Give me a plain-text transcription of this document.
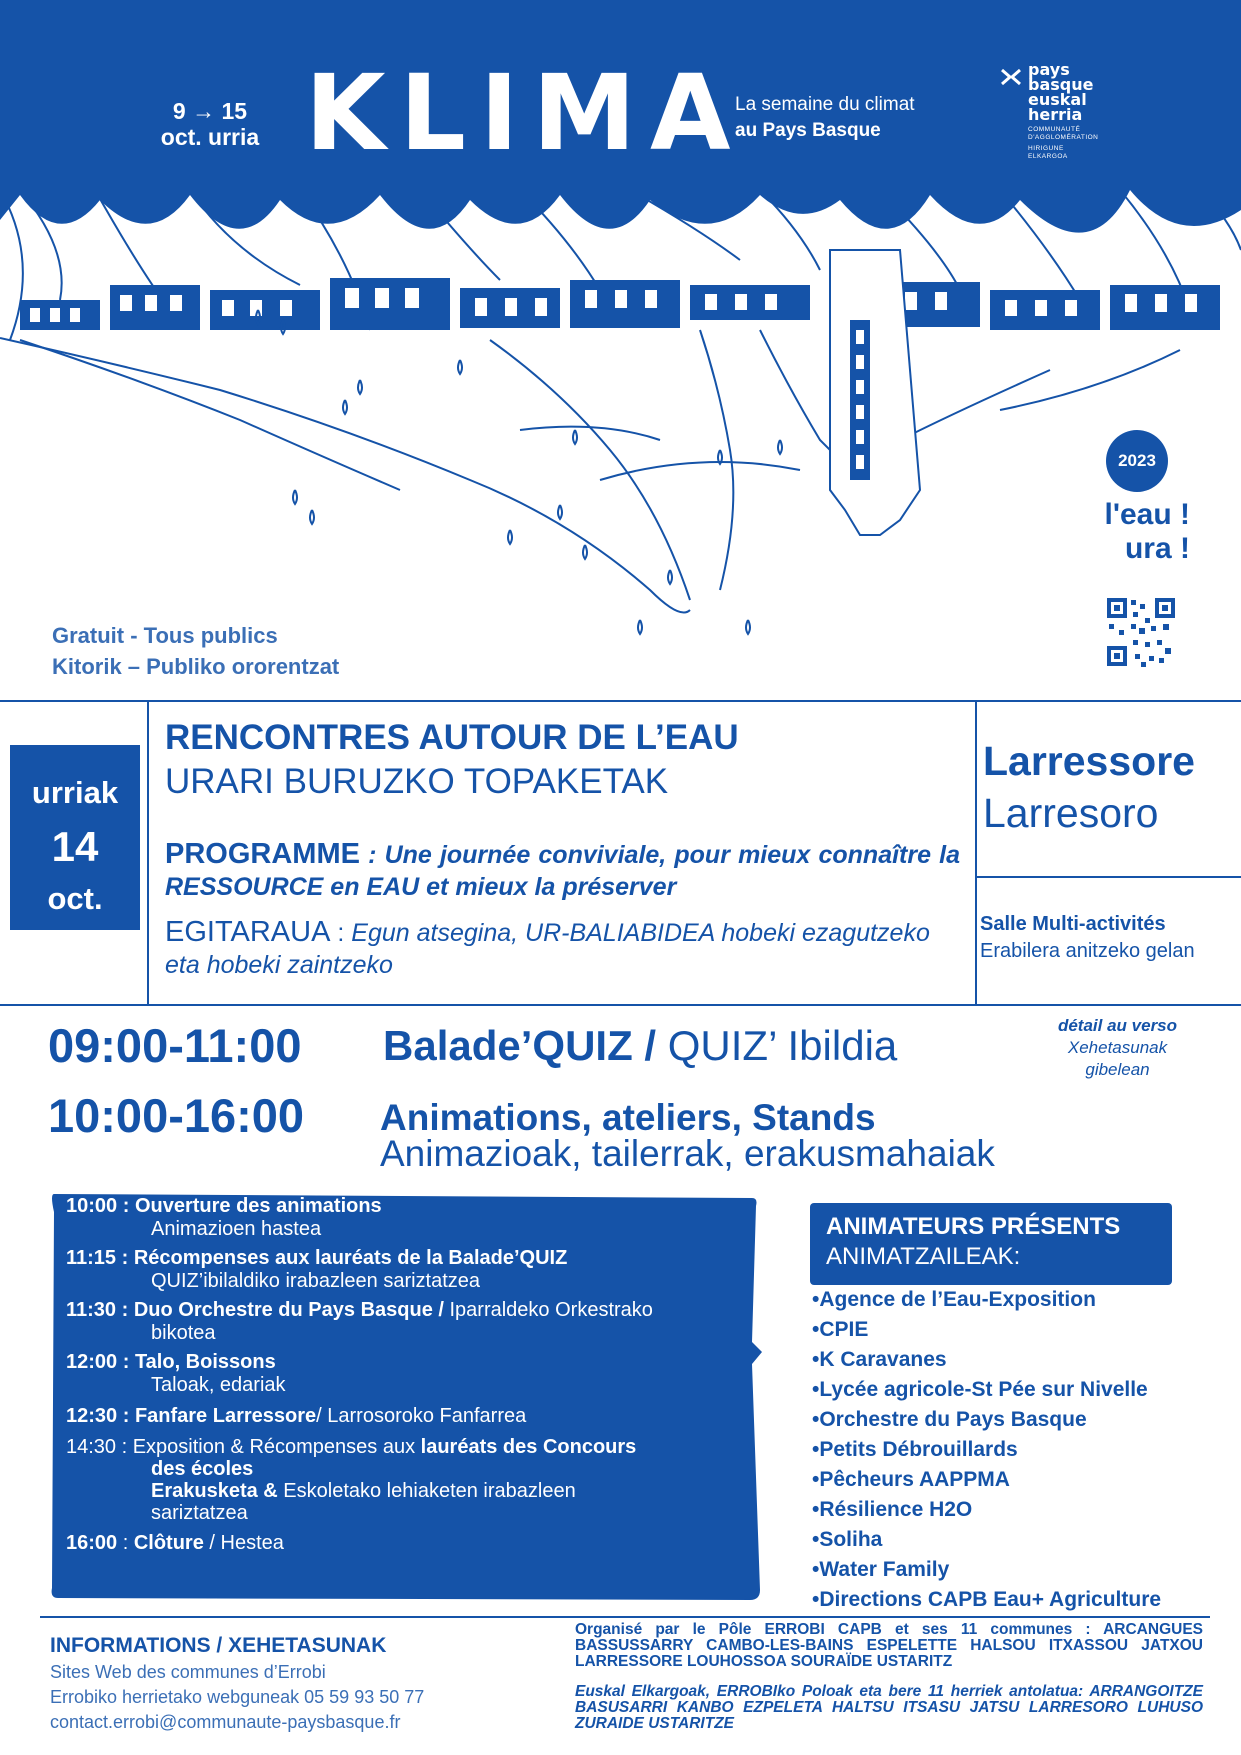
9 → 15
oct. urria KLIMA
La semaine du climat
au Pays Basque
pays
basque
euskal
herria
COMMUNAUTÉ
D'AGGLOMÉRATION
HIRIGUNE
ELKARGOA
2023
l'eau !
ura !
Gratuit - Tous publics
Kitorik – Publiko ororentzat
urriak
14
oct.
RENCONTRES AUTOUR DE L’EAU
URARI BURUZKO TOPAKETAK
PROGRAMME : Une journée conviviale, pour mieux connaître la RESSOURCE en EAU et mieux la préserver
EGITARAUA : Egun atsegina, UR-BALIABIDEA hobeki ezagutzeko eta hobeki zaintzeko
Larressore
Larresoro
Salle Multi-activités
Erabilera anitzeko gelan
09:00-11:00 Balade’QUIZ / QUIZ’ Ibildia
10:00-16:00 Animations, ateliers, Stands
Animazioak, tailerrak, erakusmahaiak
détail au verso
Xehetasunak
gibelean
10:00 : Ouverture des animations
Animazioen hastea
11:15 : Récompenses aux lauréats de la Balade’QUIZ
QUIZ’ibilaldiko irabazleen sariztatzea
11:30 : Duo Orchestre du Pays Basque / Iparraldeko Orkestrako
bikotea
12:00 : Talo, Boissons
Taloak, edariak
12:30 : Fanfare Larressore/ Larrosoroko Fanfarrea
14:30 : Exposition & Récompenses aux lauréats des Concours
des écoles
Erakusketa & Eskoletako lehiaketen irabazleen
sariztatzea
16:00 : Clôture / Hestea
ANIMATEURS PRÉSENTS
ANIMATZAILEAK:
•Agence de l’Eau-Exposition
•CPIE
•K Caravanes
•Lycée agricole-St Pée sur Nivelle
•Orchestre du Pays Basque
•Petits Débrouillards
•Pêcheurs AAPPMA
•Résilience H2O
•Soliha
•Water Family
•Directions CAPB Eau+ Agriculture
INFORMATIONS / XEHETASUNAK
Sites Web des communes d’Errobi
Errobiko herrietako webguneak 05 59 93 50 77
contact.errobi@communaute-paysbasque.fr
Organisé par le Pôle ERROBI CAPB et ses 11 communes : ARCANGUES BASSUSSARRY CAMBO-LES-BAINS ESPELETTE HALSOU ITXASSOU JATXOU LARRESSORE LOUHOSSOA SOURAÏDE USTARITZ
Euskal Elkargoak, ERROBIko Poloak eta bere 11 herriek antolatua: ARRANGOITZE BASUSARRI KANBO EZPELETA HALTSU ITSASU JATSU LARRESORO LUHUSO ZURAIDE USTARITZE
